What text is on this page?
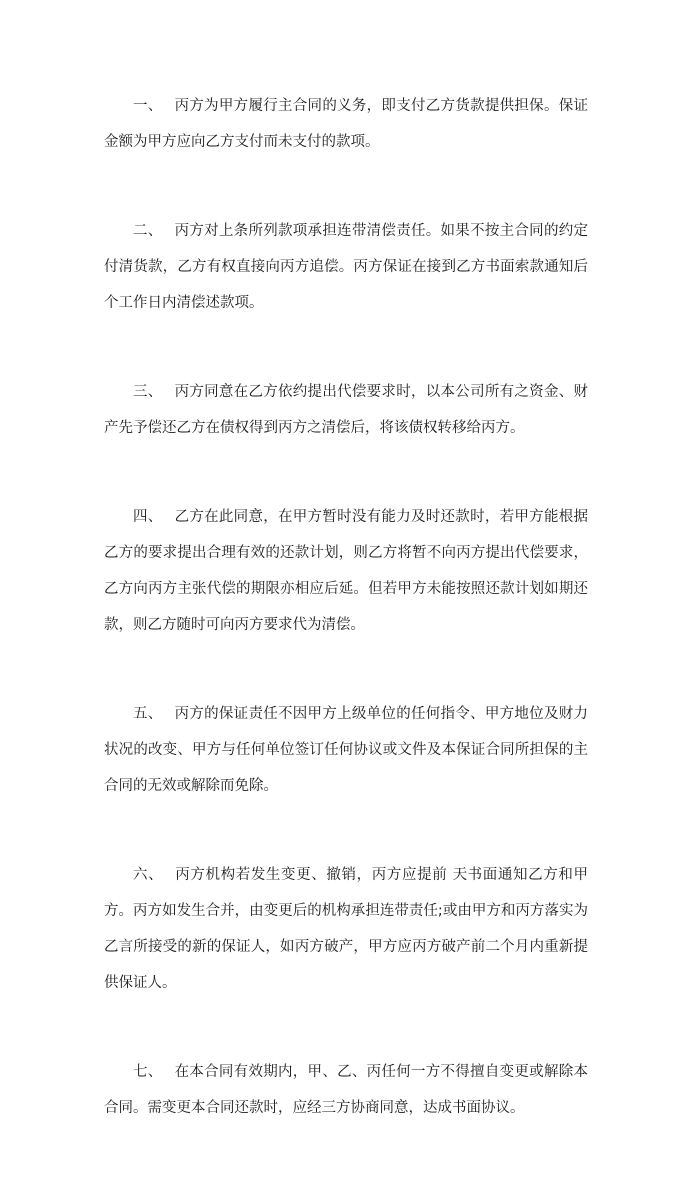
一、 丙方为甲方履行主合同的义务，即支付乙方货款提供担保。保证金额为甲方应向乙方支付而未支付的款项。

二、 丙方对上条所列款项承担连带清偿责任。如果不按主合同的约定付清货款，乙方有权直接向丙方追偿。丙方保证在接到乙方书面索款通知后 个工作日内清偿述款项。

三、 丙方同意在乙方依约提出代偿要求时，以本公司所有之资金、财产先予偿还乙方在债权得到丙方之清偿后，将该债权转移给丙方。

四、 乙方在此同意，在甲方暂时没有能力及时还款时，若甲方能根据乙方的要求提出合理有效的还款计划，则乙方将暂不向丙方提出代偿要求，乙方向丙方主张代偿的期限亦相应后延。但若甲方未能按照还款计划如期还款，则乙方随时可向丙方要求代为清偿。

五、 丙方的保证责任不因甲方上级单位的任何指令、甲方地位及财力状况的改变、甲方与任何单位签订任何协议或文件及本保证合同所担保的主合同的无效或解除而免除。

六、 丙方机构若发生变更、撤销，丙方应提前 天书面通知乙方和甲方。丙方如发生合并，由变更后的机构承担连带责任;或由甲方和丙方落实为乙言所接受的新的保证人，如丙方破产，甲方应丙方破产前二个月内重新提供保证人。

七、 在本合同有效期内，甲、乙、丙任何一方不得擅自变更或解除本合同。需变更本合同还款时，应经三方协商同意，达成书面协议。
